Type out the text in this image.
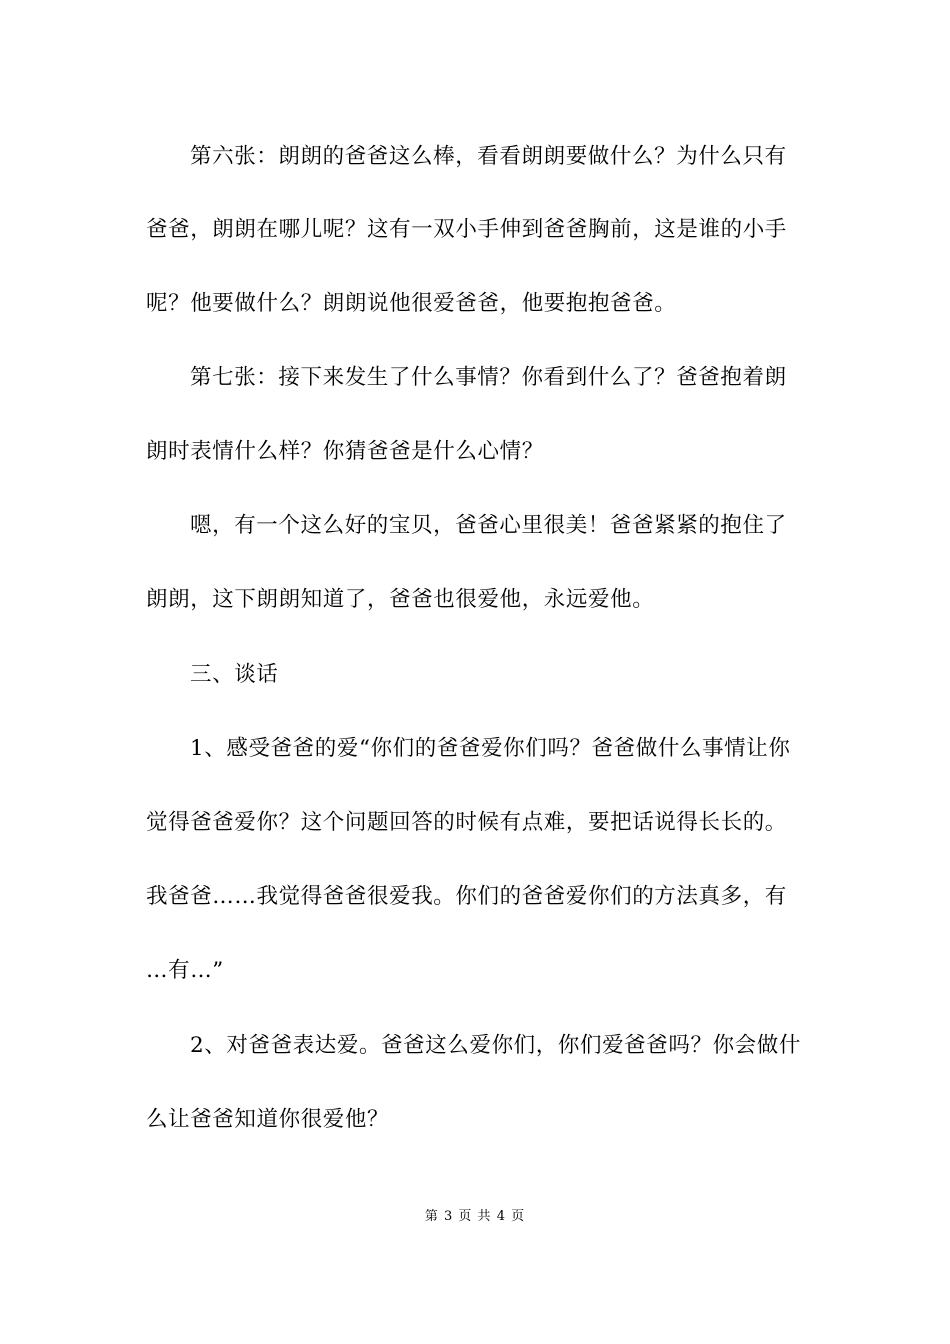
第六张：朗朗的爸爸这么棒，看看朗朗要做什么？为什么只有
爸爸，朗朗在哪儿呢？这有一双小手伸到爸爸胸前，这是谁的小手
呢？他要做什么？朗朗说他很爱爸爸，他要抱抱爸爸。
第七张：接下来发生了什么事情？你看到什么了？爸爸抱着朗
朗时表情什么样？你猜爸爸是什么心情？
嗯，有一个这么好的宝贝，爸爸心里很美！爸爸紧紧的抱住了
朗朗，这下朗朗知道了，爸爸也很爱他，永远爱他。
三、谈话
1、感受爸爸的爱“你们的爸爸爱你们吗？爸爸做什么事情让你
觉得爸爸爱你？这个问题回答的时候有点难，要把话说得长长的。
我爸爸……我觉得爸爸很爱我。你们的爸爸爱你们的方法真多，有
…有…”
2、对爸爸表达爱。爸爸这么爱你们，你们爱爸爸吗？你会做什
么让爸爸知道你很爱他？
第 3 页 共 4 页
